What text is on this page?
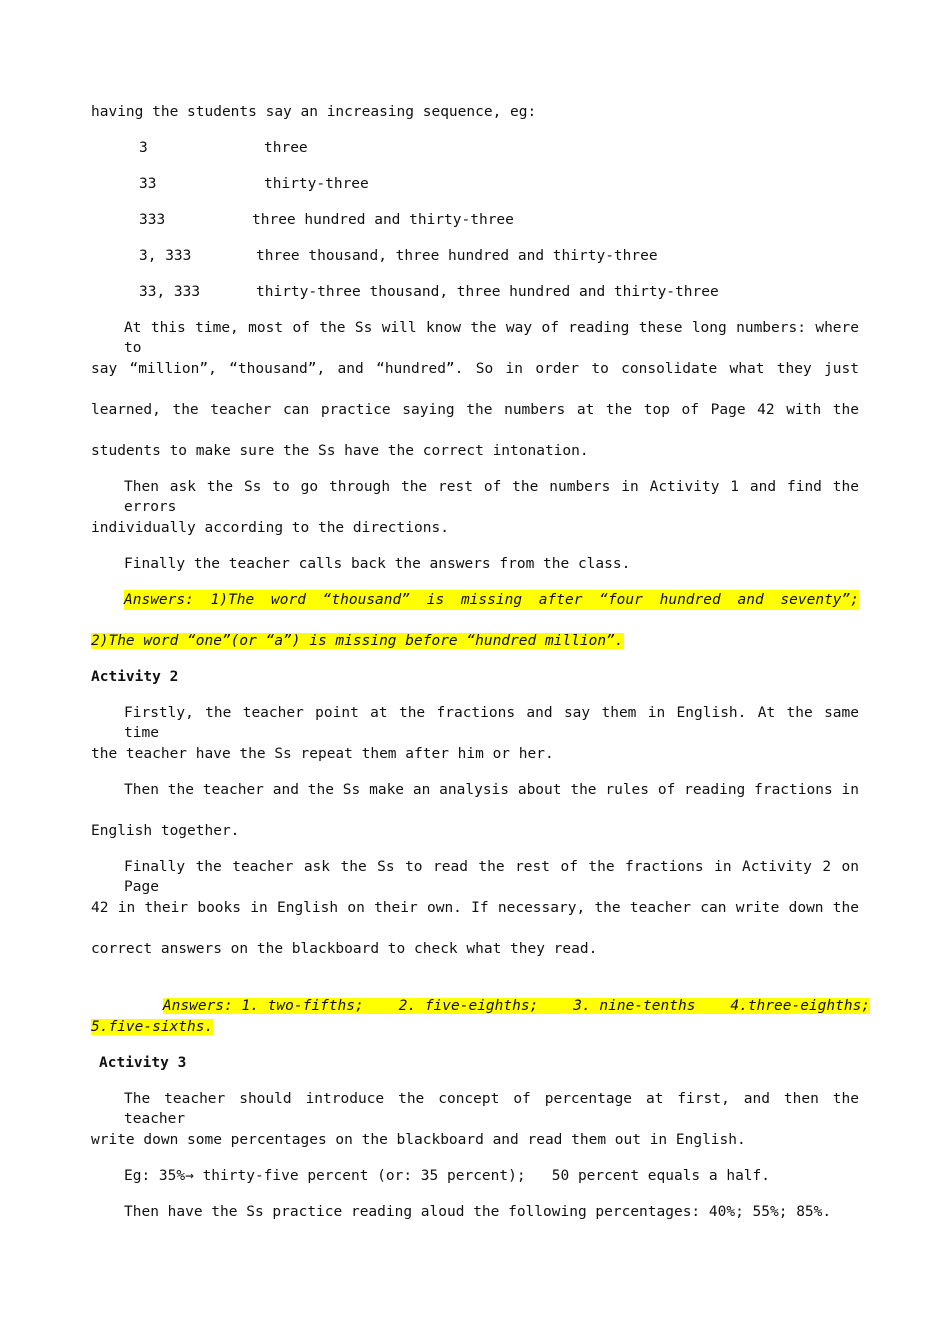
having the students say an increasing sequence, eg:
3	three
33	thirty-three
333	three hundred and thirty-three
3, 333	three thousand, three hundred and thirty-three
33, 333	thirty-three thousand, three hundred and thirty-three
At this time, most of the Ss will know the way of reading these long numbers: where to
say “million”, “thousand”, and “hundred”. So in order to consolidate what they just
learned, the teacher can practice saying the numbers at the top of Page 42 with the
students to make sure the Ss have the correct intonation.
Then ask the Ss to go through the rest of the numbers in Activity 1 and find the errors
individually according to the directions.
Finally the teacher calls back the answers from the class.
Answers: 1)The word “thousand” is missing after “four hundred and seventy”;
2)The word “one”(or “a”) is missing before “hundred million”.
Activity 2
Firstly, the teacher point at the fractions and say them in English. At the same time
the teacher have the Ss repeat them after him or her.
Then the teacher and the Ss make an analysis about the rules of reading fractions in
English together.
Finally the teacher ask the Ss to read the rest of the fractions in Activity 2 on Page
42 in their books in English on their own. If necessary, the teacher can write down the
correct answers on the blackboard to check what they read.

Answers: 1. two-fifths;    2. five-eighths;    3. nine-tenths    4.three-eighths;

5.five-sixths.
Activity 3
The teacher should introduce the concept of percentage at first, and then the teacher
write down some percentages on the blackboard and read them out in English.
Eg: 35%→ thirty-five percent (or: 35 percent);   50 percent equals a half.
Then have the Ss practice reading aloud the following percentages: 40%; 55%; 85%.
